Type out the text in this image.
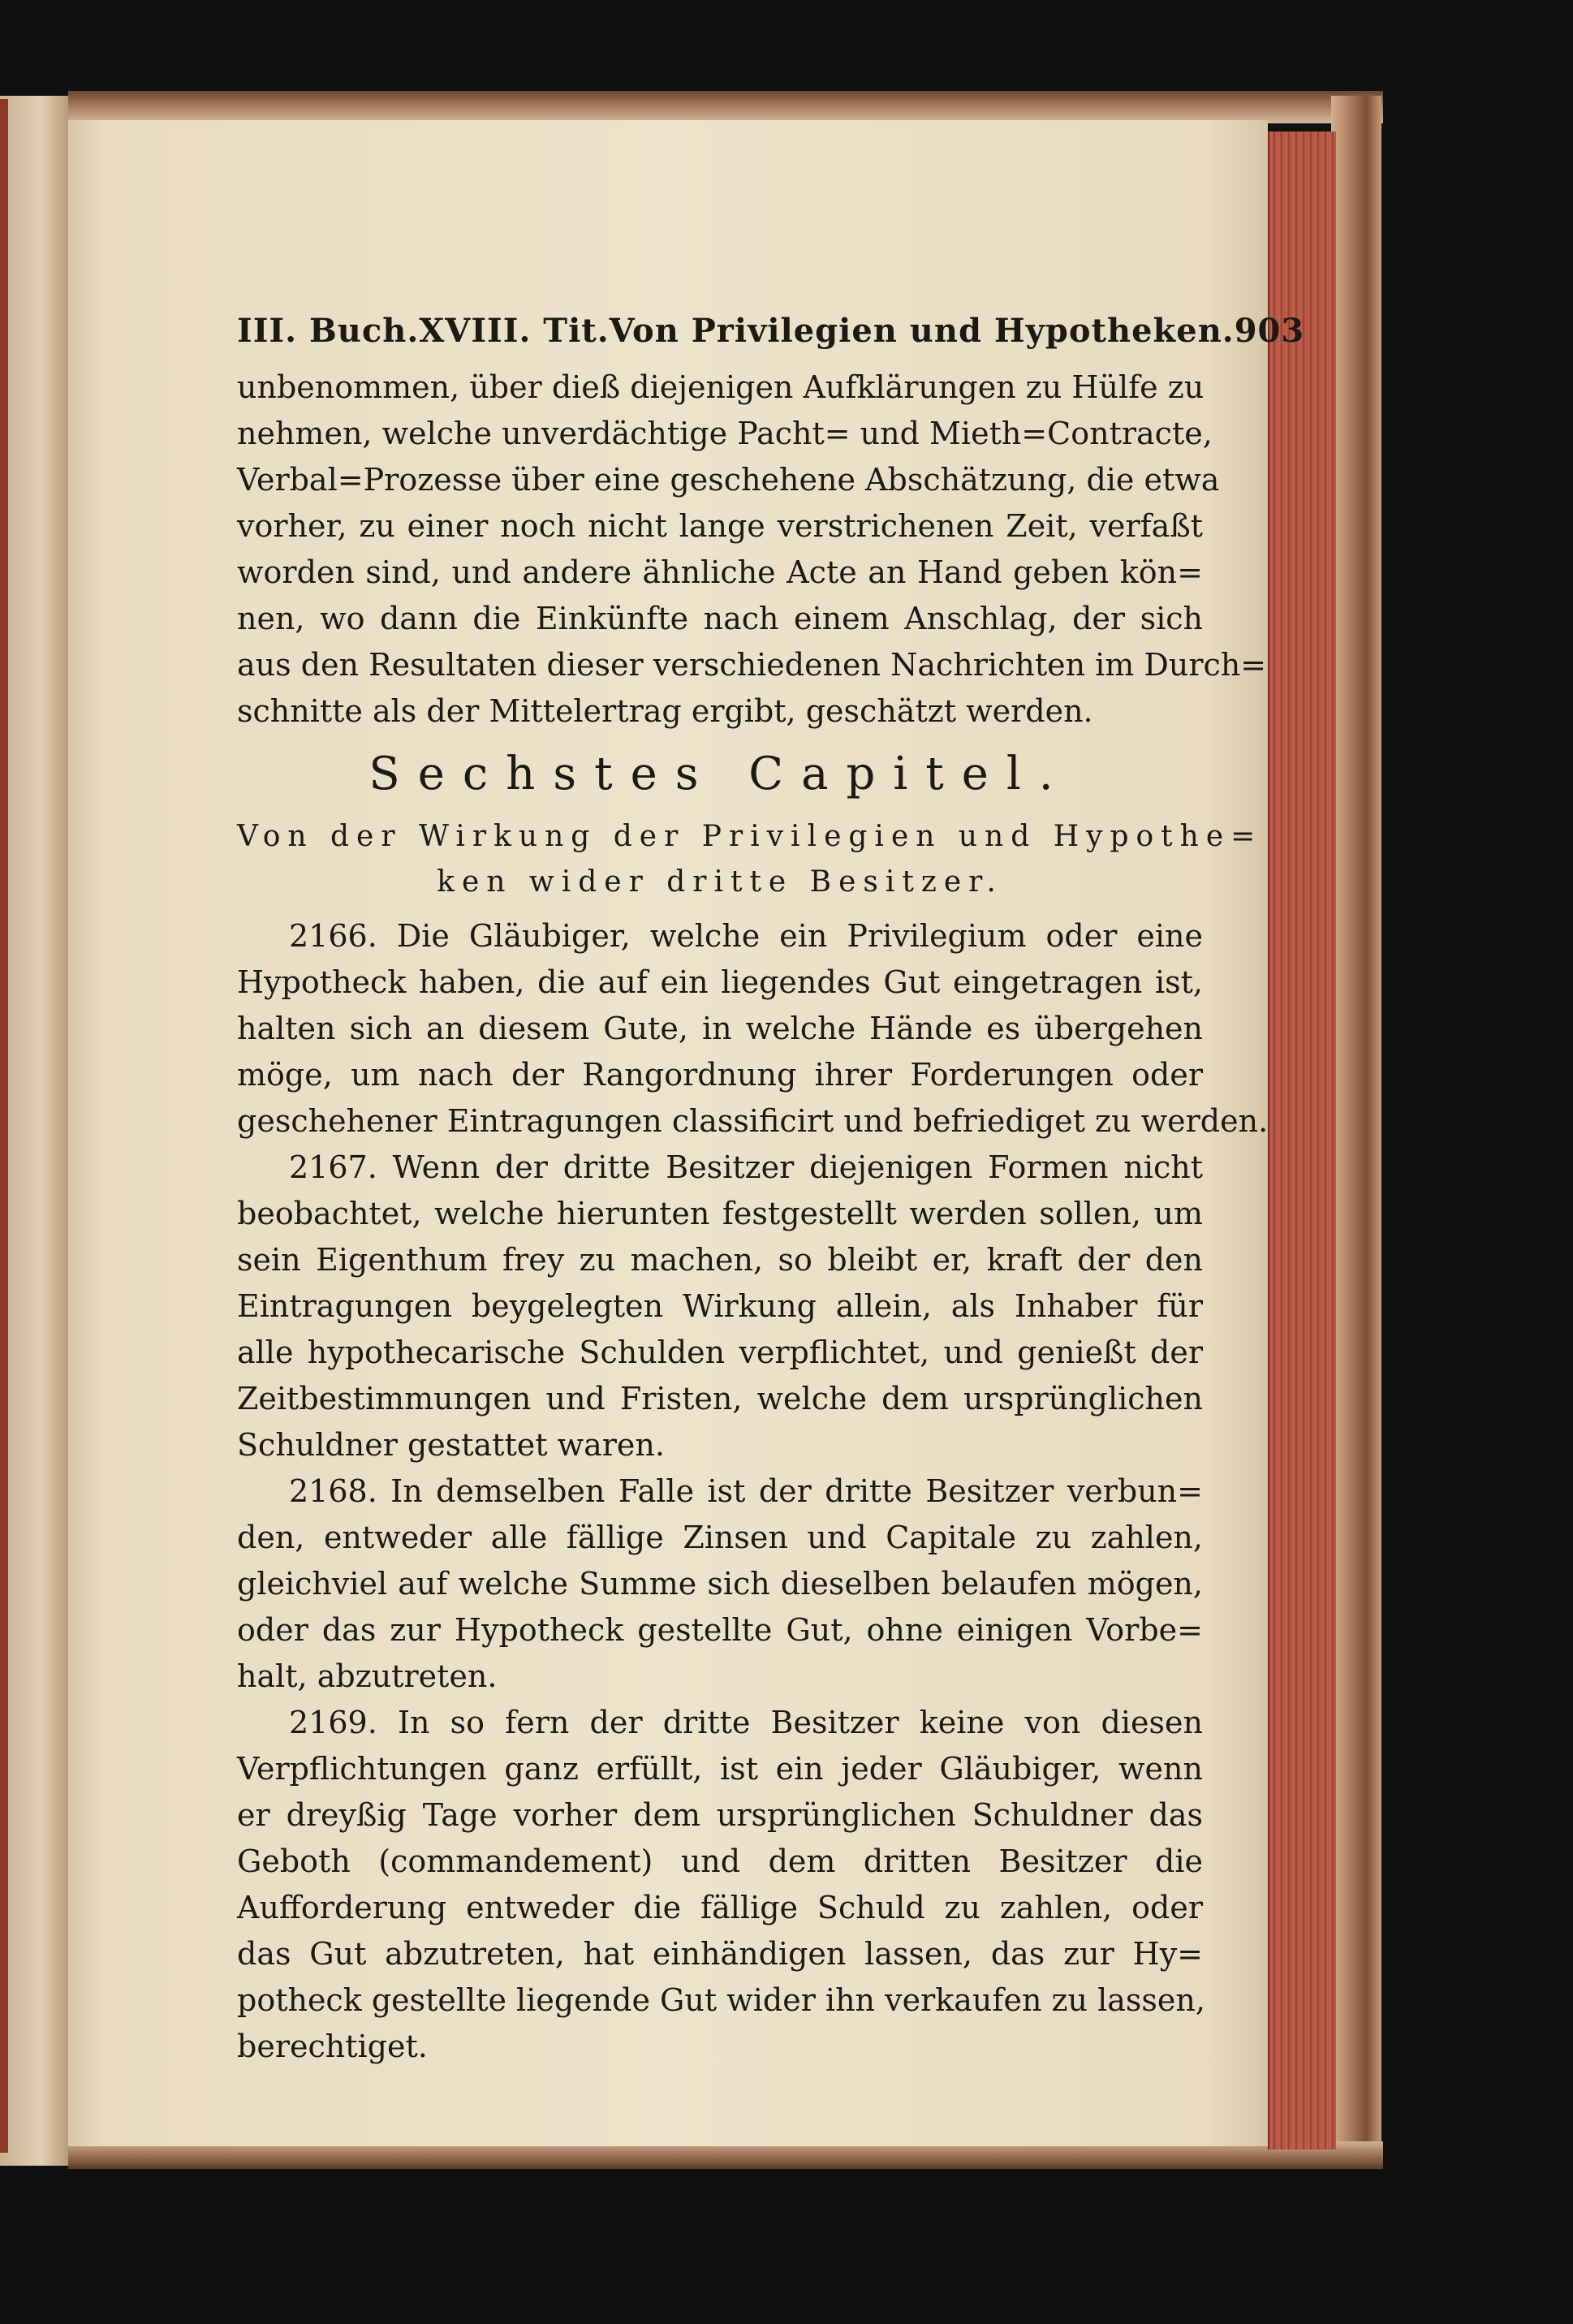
III. Buch. XVIII. Tit. Von Privilegien und Hypotheken. 903
unbenommen, über dieß diejenigen Aufklärungen zu Hülfe zu
nehmen, welche unverdächtige Pacht= und Mieth=Contracte,
Verbal=Prozesse über eine geschehene Abschätzung, die etwa
vorher, zu einer noch nicht lange verstrichenen Zeit, verfaßt
worden sind, und andere ähnliche Acte an Hand geben kön=
nen, wo dann die Einkünfte nach einem Anschlag, der sich
aus den Resultaten dieser verschiedenen Nachrichten im Durch=
schnitte als der Mittelertrag ergibt, geschätzt werden.
Sechstes Capitel.
Von der Wirkung der Privilegien und Hypothe=
ken wider dritte Besitzer.
2166. Die Gläubiger, welche ein Privilegium oder eine
Hypotheck haben, die auf ein liegendes Gut eingetragen ist,
halten sich an diesem Gute, in welche Hände es übergehen
möge, um nach der Rangordnung ihrer Forderungen oder
geschehener Eintragungen classificirt und befriediget zu werden.
2167. Wenn der dritte Besitzer diejenigen Formen nicht
beobachtet, welche hierunten festgestellt werden sollen, um
sein Eigenthum frey zu machen, so bleibt er, kraft der den
Eintragungen beygelegten Wirkung allein, als Inhaber für
alle hypothecarische Schulden verpflichtet, und genießt der
Zeitbestimmungen und Fristen, welche dem ursprünglichen
Schuldner gestattet waren.
2168. In demselben Falle ist der dritte Besitzer verbun=
den, entweder alle fällige Zinsen und Capitale zu zahlen,
gleichviel auf welche Summe sich dieselben belaufen mögen,
oder das zur Hypotheck gestellte Gut, ohne einigen Vorbe=
halt, abzutreten.
2169. In so fern der dritte Besitzer keine von diesen
Verpflichtungen ganz erfüllt, ist ein jeder Gläubiger, wenn
er dreyßig Tage vorher dem ursprünglichen Schuldner das
Geboth (commandement) und dem dritten Besitzer die
Aufforderung entweder die fällige Schuld zu zahlen, oder
das Gut abzutreten, hat einhändigen lassen, das zur Hy=
potheck gestellte liegende Gut wider ihn verkaufen zu lassen,
berechtiget.
